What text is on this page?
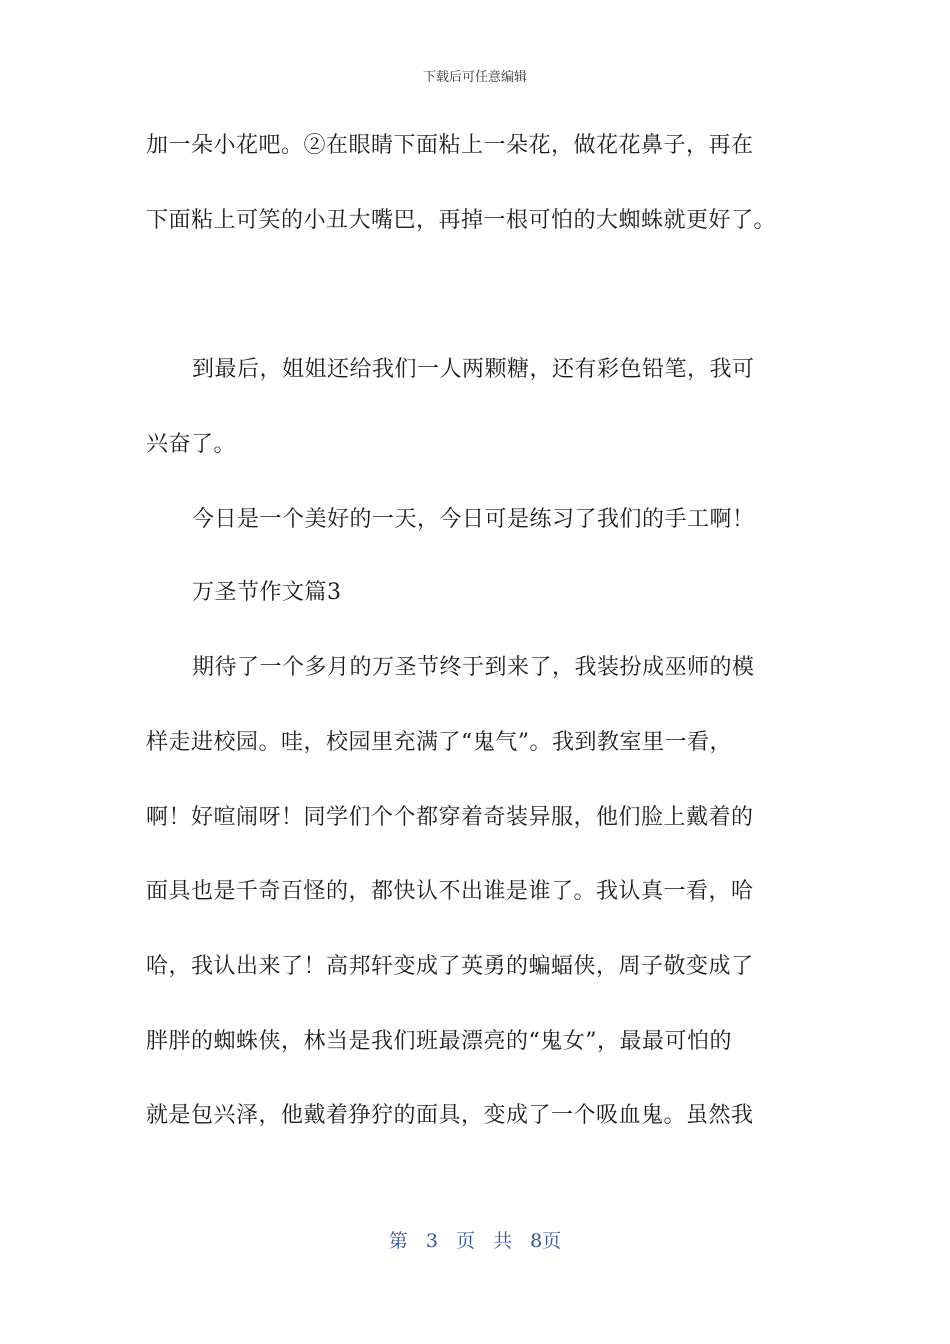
下载后可任意编辑
加一朵小花吧。②在眼睛下面粘上一朵花，做花花鼻子，再在
下面粘上可笑的小丑大嘴巴，再掉一根可怕的大蜘蛛就更好了。
到最后，姐姐还给我们一人两颗糖，还有彩色铅笔，我可
兴奋了。
今日是一个美好的一天，今日可是练习了我们的手工啊！
万圣节作文篇3
期待了一个多月的万圣节终于到来了，我装扮成巫师的模
样走进校园。哇，校园里充满了“鬼气”。我到教室里一看，
啊！好喧闹呀！同学们个个都穿着奇装异服，他们脸上戴着的
面具也是千奇百怪的，都快认不出谁是谁了。我认真一看，哈
哈，我认出来了！高邦轩变成了英勇的蝙蝠侠，周子敬变成了
胖胖的蜘蛛侠，林当是我们班最漂亮的“鬼女”，最最可怕的
就是包兴泽，他戴着狰狞的面具，变成了一个吸血鬼。虽然我
第 3 页 共 8页
